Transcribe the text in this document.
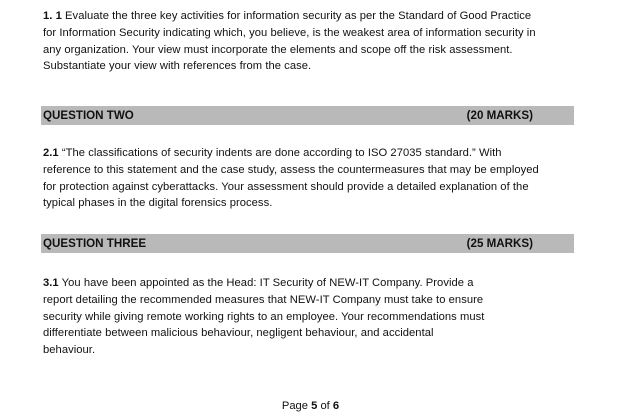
1. 1 Evaluate the three key activities for information security as per the Standard of Good Practice
for Information Security indicating which, you believe, is the weakest area of information security in
any organization. Your view must incorporate the elements and scope off the risk assessment.
Substantiate your view with references from the case.

QUESTION TWO	(20 MARKS)

2.1 “The classifications of security indents are done according to ISO 27035 standard.” With
reference to this statement and the case study, assess the countermeasures that may be employed
for protection against cyberattacks. Your assessment should provide a detailed explanation of the
typical phases in the digital forensics process.

QUESTION THREE	(25 MARKS)

3.1 You have been appointed as the Head: IT Security of NEW-IT Company. Provide a
report detailing the recommended measures that NEW-IT Company must take to ensure
security while giving remote working rights to an employee. Your recommendations must
differentiate between malicious behaviour, negligent behaviour, and accidental
behaviour.

Page 5 of 6
